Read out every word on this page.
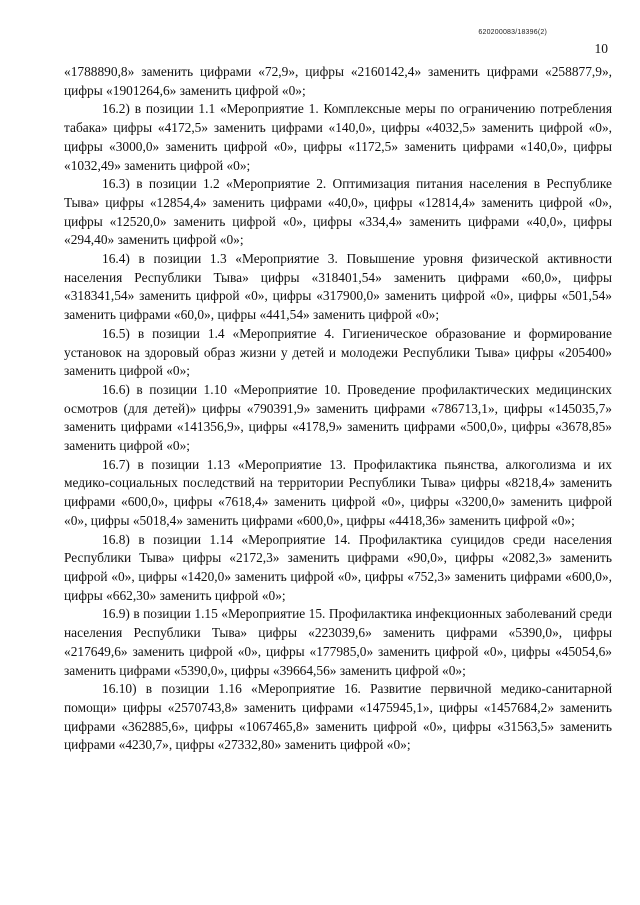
620200083/18396(2)
10

«1788890,8» заменить цифрами «72,9», цифры «2160142,4» заменить цифрами «258877,9», цифры «1901264,6» заменить цифрой «0»;

16.2) в позиции 1.1 «Мероприятие 1. Комплексные меры по ограничению потребления табака» цифры «4172,5» заменить цифрами «140,0», цифры «4032,5» заменить цифрой «0», цифры «3000,0» заменить цифрой «0», цифры «1172,5» заменить цифрами «140,0», цифры «1032,49» заменить цифрой «0»;

16.3) в позиции 1.2 «Мероприятие 2. Оптимизация питания населения в Республике Тыва» цифры «12854,4» заменить цифрами «40,0», цифры «12814,4» заменить цифрой «0», цифры «12520,0» заменить цифрой «0», цифры «334,4» заменить цифрами «40,0», цифры «294,40» заменить цифрой «0»;

16.4) в позиции 1.3 «Мероприятие 3. Повышение уровня физической активности населения Республики Тыва» цифры «318401,54» заменить цифрами «60,0», цифры «318341,54» заменить цифрой «0», цифры «317900,0» заменить цифрой «0», цифры «501,54» заменить цифрами «60,0», цифры «441,54» заменить цифрой «0»;

16.5) в позиции 1.4 «Мероприятие 4. Гигиеническое образование и формирование установок на здоровый образ жизни у детей и молодежи Республики Тыва» цифры «205400» заменить цифрой «0»;

16.6) в позиции 1.10 «Мероприятие 10. Проведение профилактических медицинских осмотров (для детей)» цифры «790391,9» заменить цифрами «786713,1», цифры «145035,7» заменить цифрами «141356,9», цифры «4178,9» заменить цифрами «500,0», цифры «3678,85» заменить цифрой «0»;

16.7) в позиции 1.13 «Мероприятие 13. Профилактика пьянства, алкоголизма и их медико-социальных последствий на территории Республики Тыва» цифры «8218,4» заменить цифрами «600,0», цифры «7618,4» заменить цифрой «0», цифры «3200,0» заменить цифрой «0», цифры «5018,4» заменить цифрами «600,0», цифры «4418,36» заменить цифрой «0»;

16.8) в позиции 1.14 «Мероприятие 14. Профилактика суицидов среди населения Республики Тыва» цифры «2172,3» заменить цифрами «90,0», цифры «2082,3» заменить цифрой «0», цифры «1420,0» заменить цифрой «0», цифры «752,3» заменить цифрами «600,0», цифры «662,30» заменить цифрой «0»;

16.9) в позиции 1.15 «Мероприятие 15. Профилактика инфекционных заболеваний среди населения Республики Тыва» цифры «223039,6» заменить цифрами «5390,0», цифры «217649,6» заменить цифрой «0», цифры «177985,0» заменить цифрой «0», цифры «45054,6» заменить цифрами «5390,0», цифры «39664,56» заменить цифрой «0»;

16.10) в позиции 1.16 «Мероприятие 16. Развитие первичной медико-санитарной помощи» цифры «2570743,8» заменить цифрами «1475945,1», цифры «1457684,2» заменить цифрами «362885,6», цифры «1067465,8» заменить цифрой «0», цифры «31563,5» заменить цифрами «4230,7», цифры «27332,80» заменить цифрой «0»;
